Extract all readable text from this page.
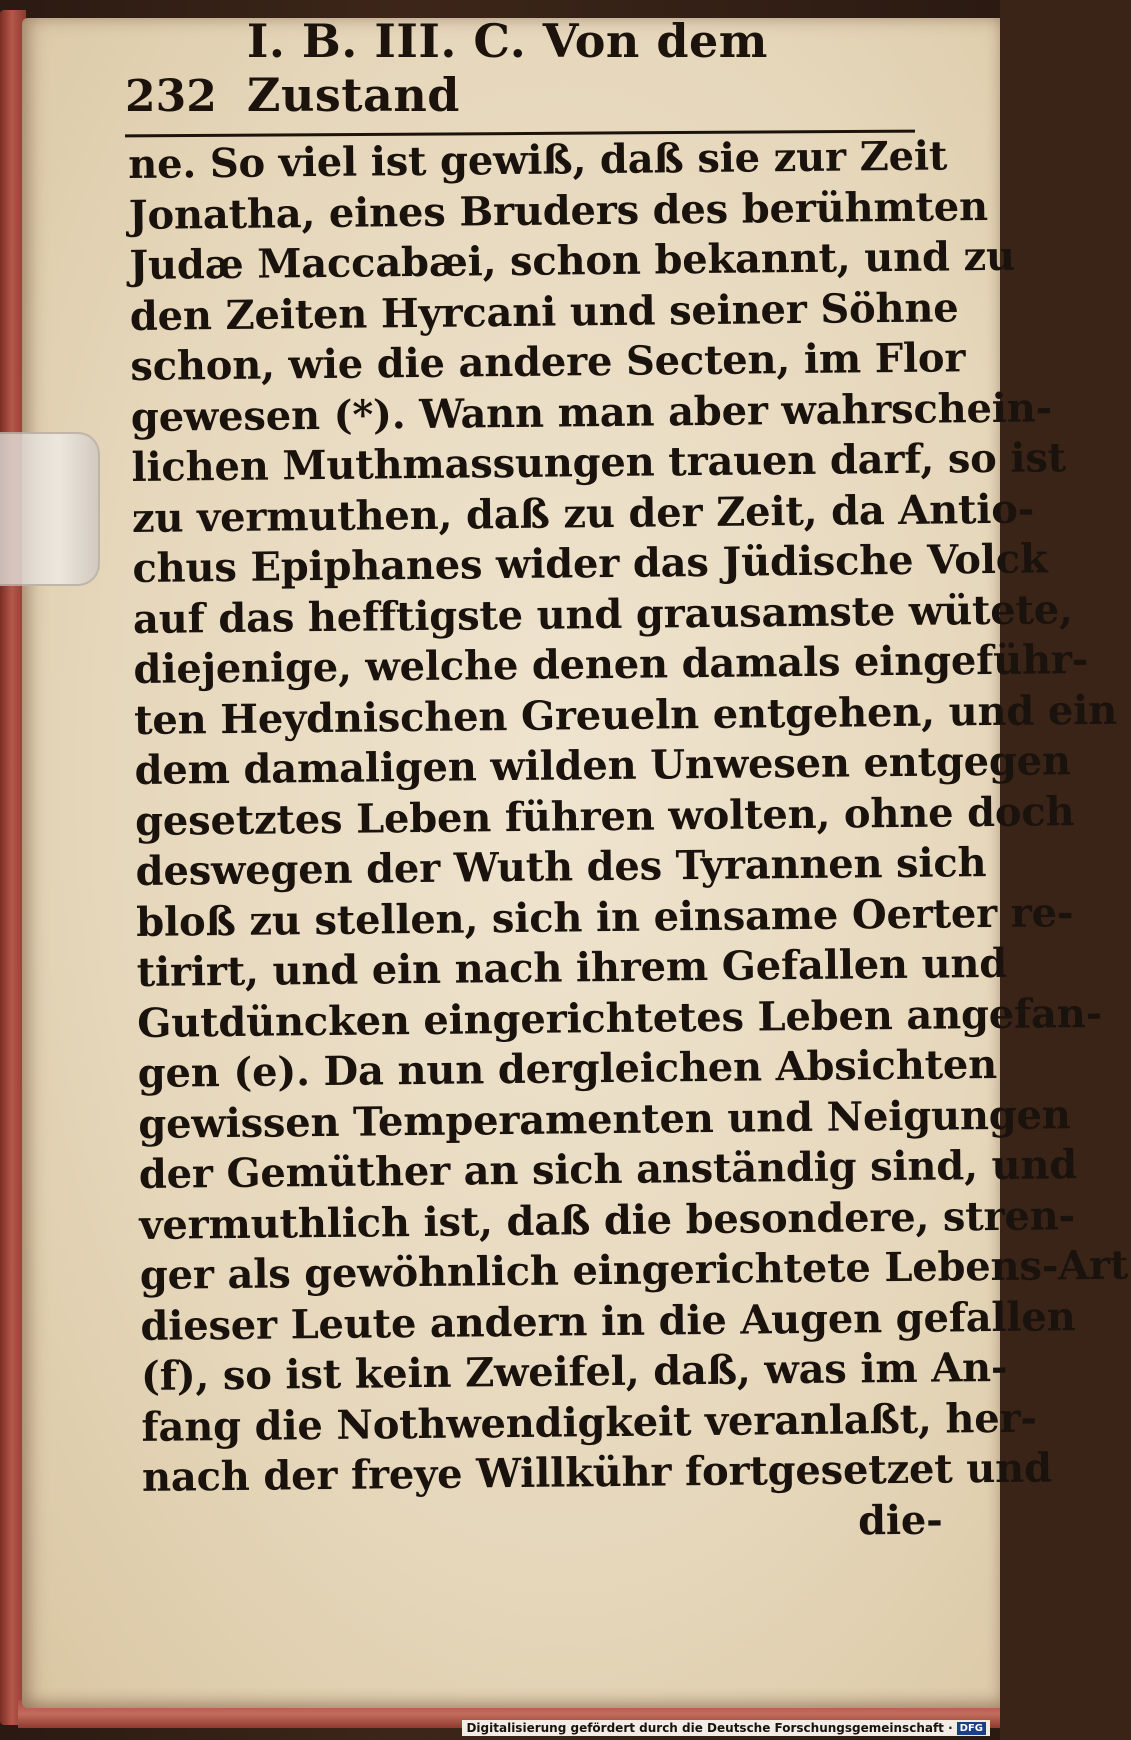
232
I. B. III. C. Von dem Zustand
ne. So viel ist gewiß, daß sie zur Zeit
Jonatha, eines Bruders des berühmten
Judæ Maccabæi, schon bekannt, und zu
den Zeiten Hyrcani und seiner Söhne
schon, wie die andere Secten, im Flor
gewesen (*). Wann man aber wahrschein-
lichen Muthmassungen trauen darf, so ist
zu vermuthen, daß zu der Zeit, da Antio-
chus Epiphanes wider das Jüdische Volck
auf das hefftigste und grausamste wütete,
diejenige, welche denen damals eingeführ-
ten Heydnischen Greueln entgehen, und ein
dem damaligen wilden Unwesen entgegen
gesetztes Leben führen wolten, ohne doch
deswegen der Wuth des Tyrannen sich
bloß zu stellen, sich in einsame Oerter re-
tirirt, und ein nach ihrem Gefallen und
Gutdüncken eingerichtetes Leben angefan-
gen (e). Da nun dergleichen Absichten
gewissen Temperamenten und Neigungen
der Gemüther an sich anständig sind, und
vermuthlich ist, daß die besondere, stren-
ger als gewöhnlich eingerichtete Lebens-Art
dieser Leute andern in die Augen gefallen
(f), so ist kein Zweifel, daß, was im An-
fang die Nothwendigkeit veranlaßt, her-
nach der freye Willkühr fortgesetzet und
die-
Digitalisierung gefördert durch die Deutsche Forschungsgemeinschaft · DFG
